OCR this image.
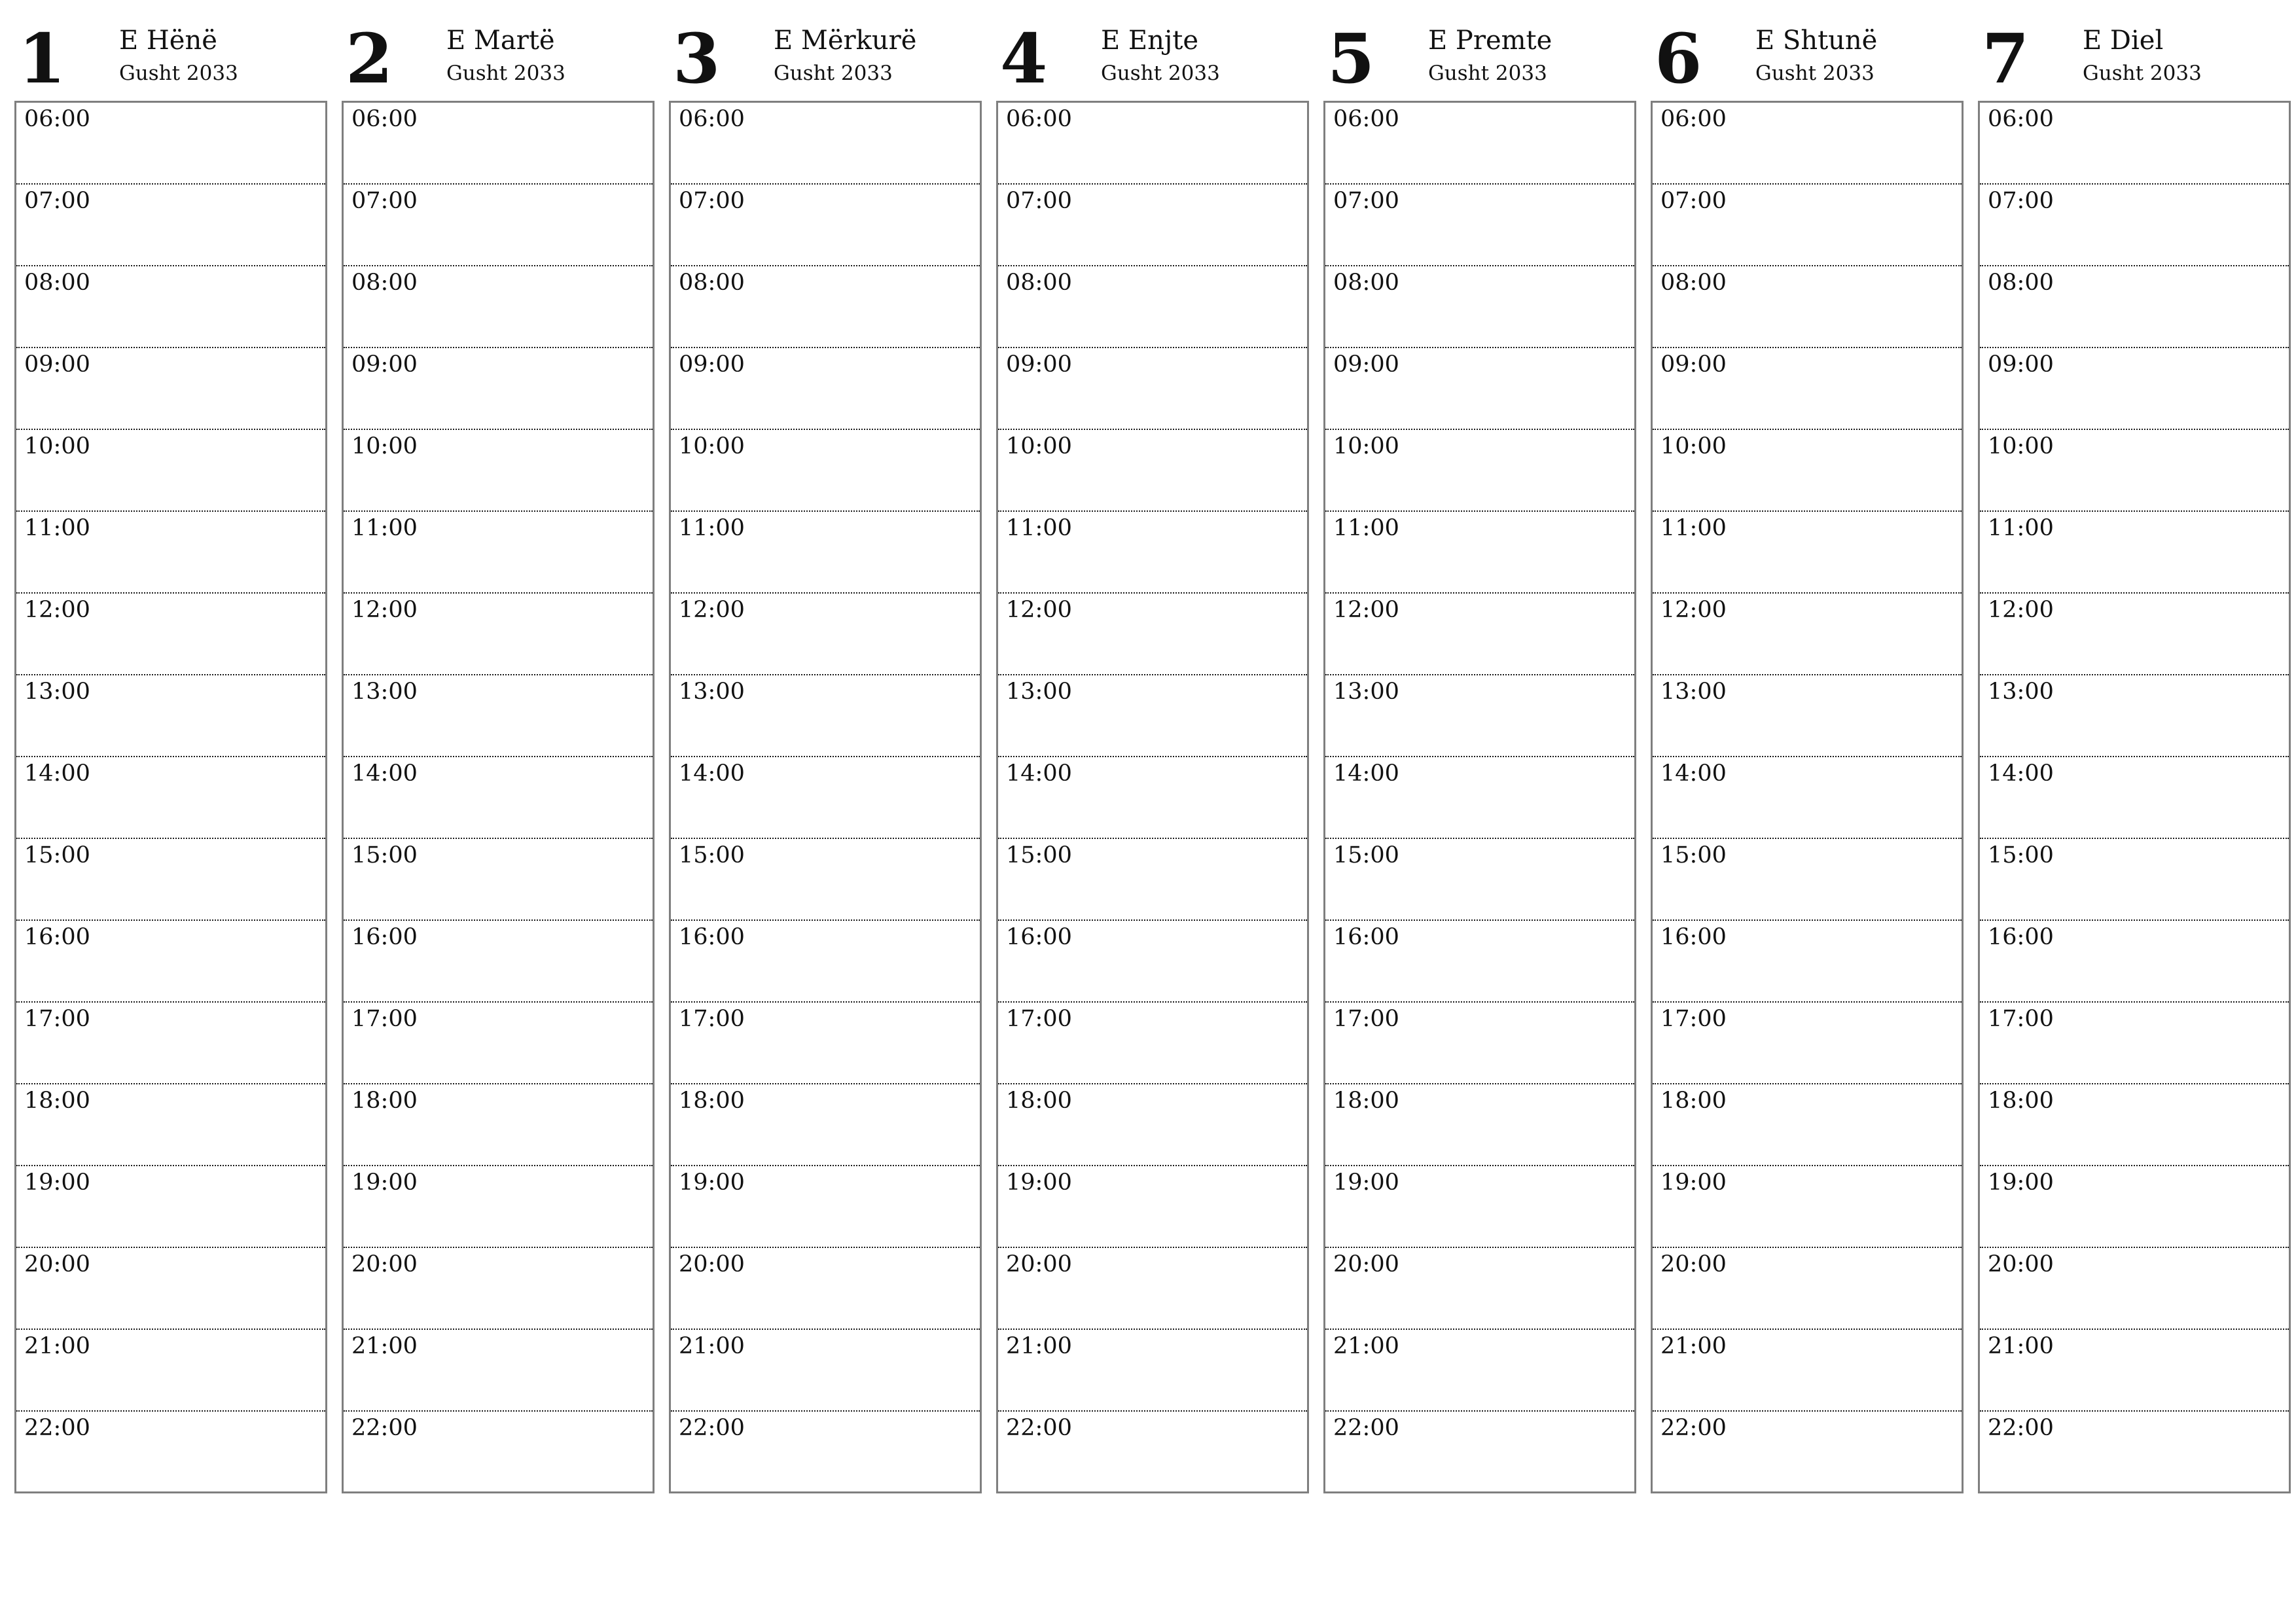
1 E Hënë
Gusht 2033
06:00
07:00
08:00
09:00
10:00
11:00
12:00
13:00
14:00
15:00
16:00
17:00
18:00
19:00
20:00
21:00
22:00
2 E Martë
Gusht 2033
06:00
07:00
08:00
09:00
10:00
11:00
12:00
13:00
14:00
15:00
16:00
17:00
18:00
19:00
20:00
21:00
22:00
3 E Mërkurë
Gusht 2033
06:00
07:00
08:00
09:00
10:00
11:00
12:00
13:00
14:00
15:00
16:00
17:00
18:00
19:00
20:00
21:00
22:00
4 E Enjte
Gusht 2033
06:00
07:00
08:00
09:00
10:00
11:00
12:00
13:00
14:00
15:00
16:00
17:00
18:00
19:00
20:00
21:00
22:00
5 E Premte
Gusht 2033
06:00
07:00
08:00
09:00
10:00
11:00
12:00
13:00
14:00
15:00
16:00
17:00
18:00
19:00
20:00
21:00
22:00
6 E Shtunë
Gusht 2033
06:00
07:00
08:00
09:00
10:00
11:00
12:00
13:00
14:00
15:00
16:00
17:00
18:00
19:00
20:00
21:00
22:00
7 E Diel
Gusht 2033
06:00
07:00
08:00
09:00
10:00
11:00
12:00
13:00
14:00
15:00
16:00
17:00
18:00
19:00
20:00
21:00
22:00
